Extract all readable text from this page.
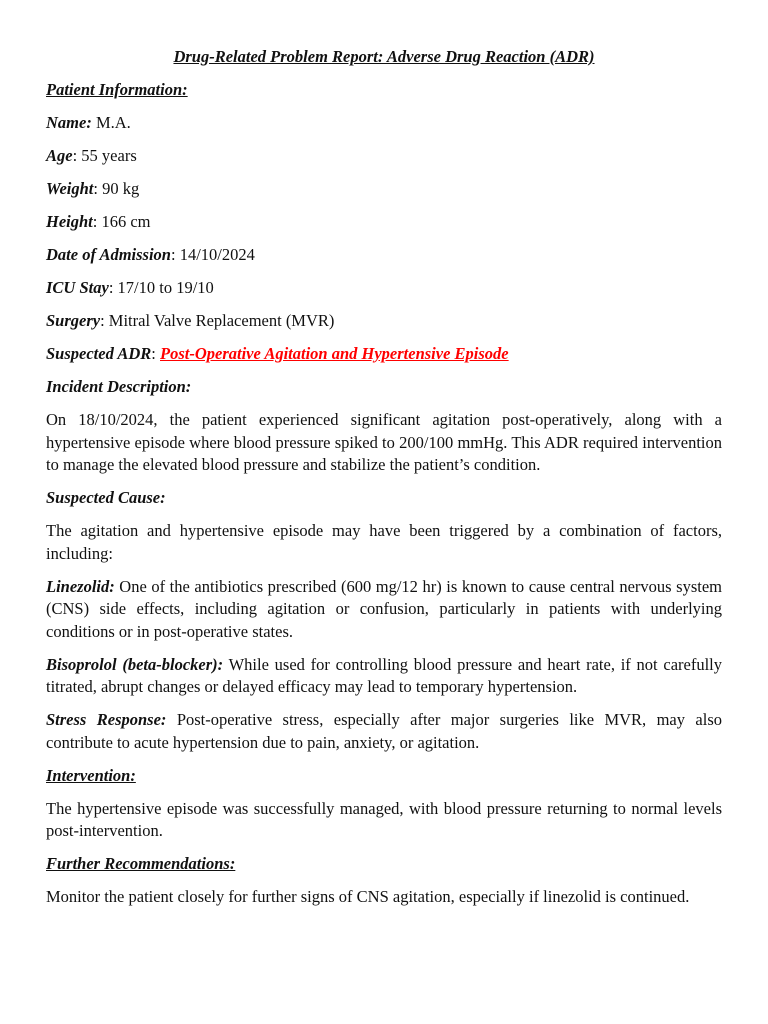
Drug-Related Problem Report: Adverse Drug Reaction (ADR)
Patient Information:
Name: M.A.
Age: 55 years
Weight: 90 kg
Height: 166 cm
Date of Admission: 14/10/2024
ICU Stay: 17/10 to 19/10
Surgery: Mitral Valve Replacement (MVR)
Suspected ADR: Post-Operative Agitation and Hypertensive Episode
Incident Description:
On 18/10/2024, the patient experienced significant agitation post-operatively, along with a hypertensive episode where blood pressure spiked to 200/100 mmHg. This ADR required intervention to manage the elevated blood pressure and stabilize the patient’s condition.
Suspected Cause:
The agitation and hypertensive episode may have been triggered by a combination of factors, including:
Linezolid: One of the antibiotics prescribed (600 mg/12 hr) is known to cause central nervous system (CNS) side effects, including agitation or confusion, particularly in patients with underlying conditions or in post-operative states.
Bisoprolol (beta-blocker): While used for controlling blood pressure and heart rate, if not carefully titrated, abrupt changes or delayed efficacy may lead to temporary hypertension.
Stress Response: Post-operative stress, especially after major surgeries like MVR, may also contribute to acute hypertension due to pain, anxiety, or agitation.
Intervention:
The hypertensive episode was successfully managed, with blood pressure returning to normal levels post-intervention.
Further Recommendations:
Monitor the patient closely for further signs of CNS agitation, especially if linezolid is continued.
